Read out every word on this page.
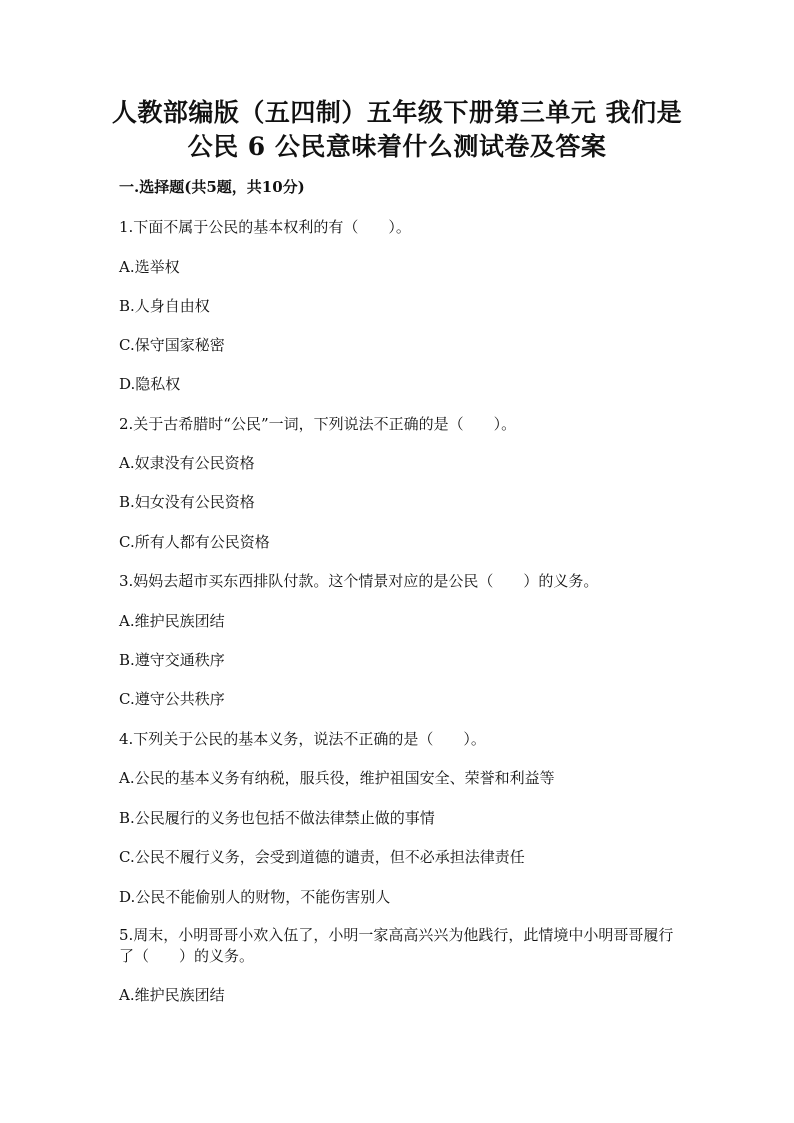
人教部编版（五四制）五年级下册第三单元 我们是
公民 6 公民意味着什么测试卷及答案
一.选择题(共5题，共10分)
1.下面不属于公民的基本权利的有（　　）。
A.选举权
B.人身自由权
C.保守国家秘密
D.隐私权
2.关于古希腊时“公民”一词，下列说法不正确的是（　　）。
A.奴隶没有公民资格
B.妇女没有公民资格
C.所有人都有公民资格
3.妈妈去超市买东西排队付款。这个情景对应的是公民（　　）的义务。
A.维护民族团结
B.遵守交通秩序
C.遵守公共秩序
4.下列关于公民的基本义务，说法不正确的是（　　）。
A.公民的基本义务有纳税，服兵役，维护祖国安全、荣誉和利益等
B.公民履行的义务也包括不做法律禁止做的事情
C.公民不履行义务，会受到道德的谴责，但不必承担法律责任
D.公民不能偷别人的财物，不能伤害别人
5.周末，小明哥哥小欢入伍了，小明一家高高兴兴为他践行，此情境中小明哥哥履行了（　　）的义务。
A.维护民族团结
